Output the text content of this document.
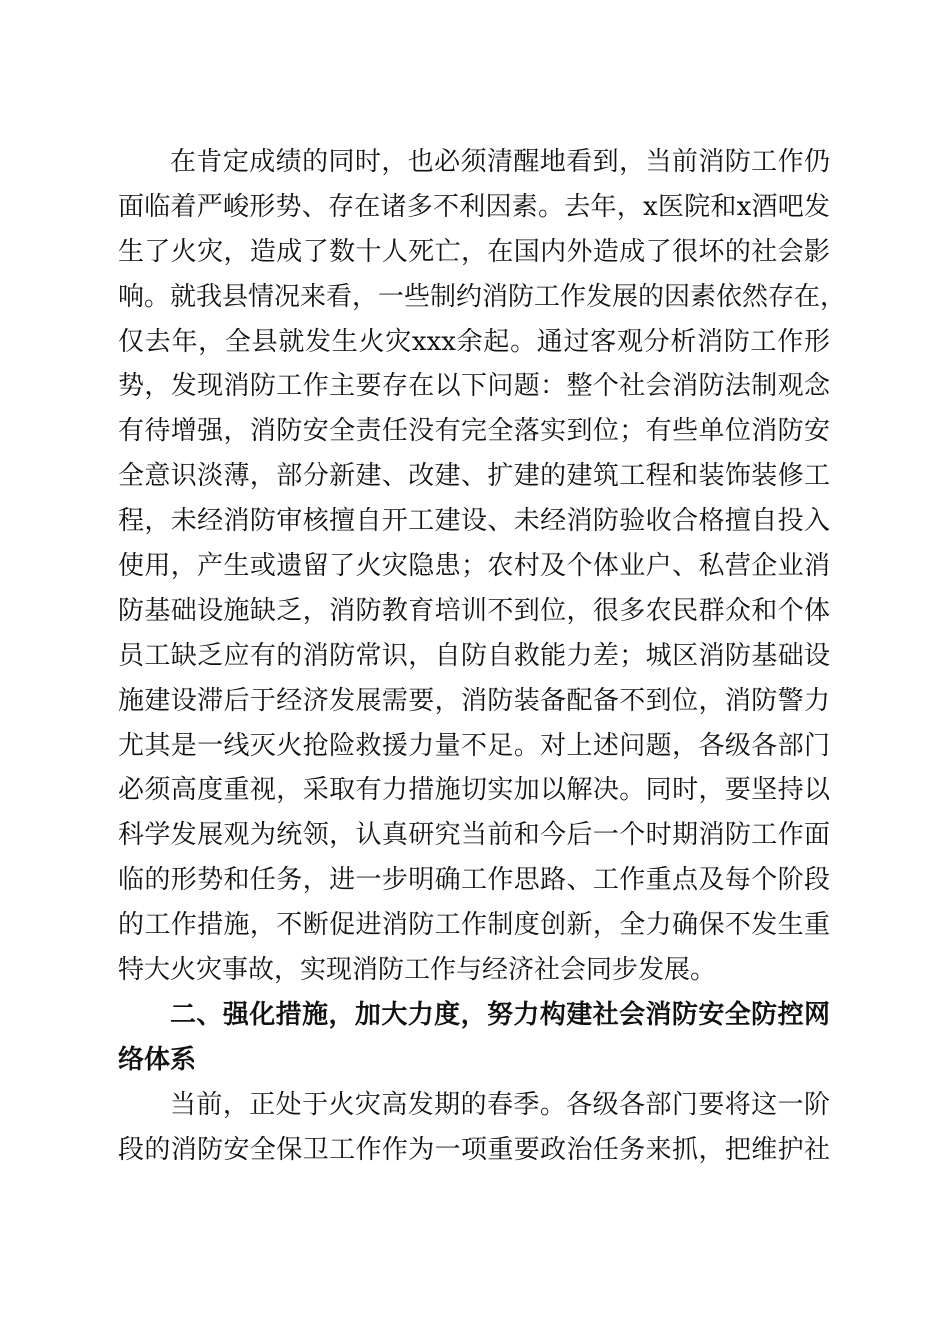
在肯定成绩的同时，也必须清醒地看到，当前消防工作仍
面临着严峻形势、存在诸多不利因素。去年，x医院和x酒吧发
生了火灾，造成了数十人死亡，在国内外造成了很坏的社会影
响。就我县情况来看，一些制约消防工作发展的因素依然存在，
仅去年，全县就发生火灾xxx余起。通过客观分析消防工作形
势，发现消防工作主要存在以下问题：整个社会消防法制观念
有待增强，消防安全责任没有完全落实到位；有些单位消防安
全意识淡薄，部分新建、改建、扩建的建筑工程和装饰装修工
程，未经消防审核擅自开工建设、未经消防验收合格擅自投入
使用，产生或遗留了火灾隐患；农村及个体业户、私营企业消
防基础设施缺乏，消防教育培训不到位，很多农民群众和个体
员工缺乏应有的消防常识，自防自救能力差；城区消防基础设
施建设滞后于经济发展需要，消防装备配备不到位，消防警力
尤其是一线灭火抢险救援力量不足。对上述问题，各级各部门
必须高度重视，采取有力措施切实加以解决。同时，要坚持以
科学发展观为统领，认真研究当前和今后一个时期消防工作面
临的形势和任务，进一步明确工作思路、工作重点及每个阶段
的工作措施，不断促进消防工作制度创新，全力确保不发生重
特大火灾事故，实现消防工作与经济社会同步发展。
二、强化措施，加大力度，努力构建社会消防安全防控网
络体系
当前，正处于火灾高发期的春季。各级各部门要将这一阶
段的消防安全保卫工作作为一项重要政治任务来抓，把维护社
